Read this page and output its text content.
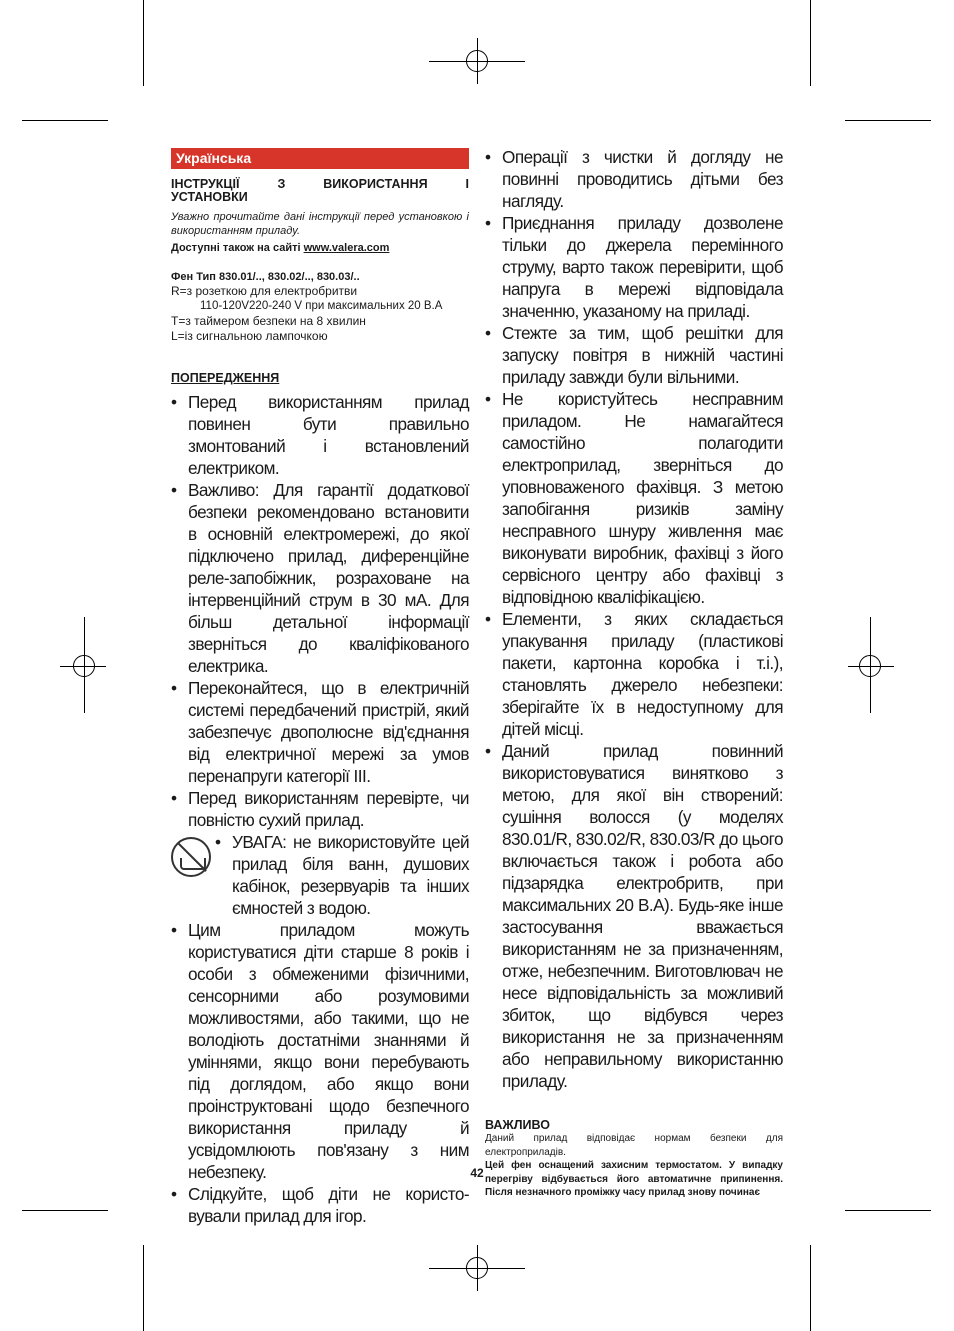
Українська
ІНСТРУКЦІЇ З ВИКОРИСТАННЯ І
УСТАНОВКИ
Уважно прочитайте дані інструкції перед установкою і використанням приладу.
Доступні також на сайті www.valera.com
Фен Тип 830.01/.., 830.02/.., 830.03/..
R=з розеткою для електробритви
110-120V220-240 V при максимальних 20 В.А
T=з таймером безпеки на 8 хвилин
L=із сигнальною лампочкою
ПОПЕРЕДЖЕННЯ
• Перед використанням прилад повинен бути правильно змонтований і встановлений електриком.
• Важливо: Для гарантії додаткової безпеки рекомендовано встановити в основній електромережі, до якої підключено прилад, диференційне реле-запобіжник, розраховане на інтервенційний струм в 30 мА. Для більш детальної інформації зверніться до кваліфікованого електрика.
• Переконайтеся, що в електричній системі передбачений пристрій, який забезпечує двополюсне від'єднання від електричної мережі за умов перенапруги категорії III.
• Перед використанням перевірте, чи повністю сухий прилад.
• УВАГА: не використовуйте цей прилад біля ванн, душових кабінок, резервуарів та інших ємностей з водою.
• Цим приладом можуть користуватися діти старше 8 років і особи з обмеженими фізичними, сенсорними або розумовими можливостями, або такими, що не володіють достатніми знаннями й уміннями, якщо вони перебувають під доглядом, або якщо вони проінструктовані щодо безпечного використання приладу й усвідомлюють пов'язану з ним небезпеку.
• Слідкуйте, щоб діти не користо-вували прилад для ігор.
• Операції з чистки й догляду не повинні проводитись дітьми без нагляду.
• Приєднання приладу дозволене тільки до джерела перемінного струму, варто також перевірити, щоб напруга в мережі відповідала значенню, указаному на приладі.
• Стежте за тим, щоб решітки для запуску повітря в нижній частині приладу завжди були вільними.
• Не користуйтесь несправним приладом. Не намагайтеся самостійно полагодити електроприлад, зверніться до уповноваженого фахівця. З метою запобігання ризиків заміну несправного шнуру живлення має виконувати виробник, фахівці з його сервісного центру або фахівці з відповідною кваліфікацією.
• Елементи, з яких складається упакування приладу (пластикові пакети, картонна коробка і т.і.), становлять джерело небезпеки: зберігайте їх в недоступному для дітей місці.
• Даний прилад повинний використовуватися винятково з метою, для якої він створений: сушіння волосся (у моделях 830.01/R, 830.02/R, 830.03/R до цього включається також і робота або підзарядка електробритв, при максимальних 20 В.А). Будь-яке інше застосування вважається використанням не за призначенням, отже, небезпечним. Виготовлювач не несе відповідальність за можливий збиток, що відбувся через використання не за призначенням або неправильному використанню приладу.
ВАЖЛИВО
Даний прилад відповідає нормам безпеки для електроприладів.
Цей фен оснащений захисним термостатом. У випадку перегріву відбувається його автоматичне припинення. Після незначного проміжку часу прилад знову починає
42
